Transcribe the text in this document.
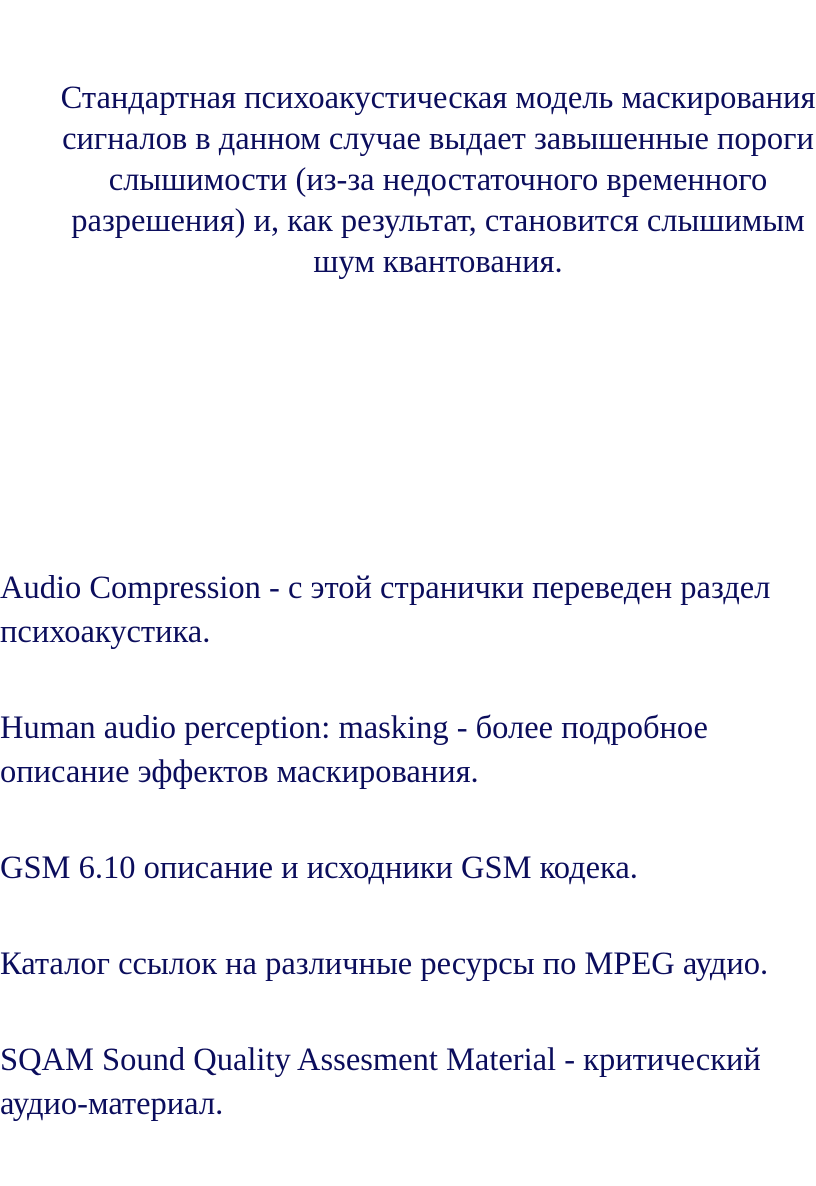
Стандартная психоакустическая модель маскирования сигналов в данном случае выдает завышенные пороги слышимости (из-за недостаточного временного разрешения) и, как результат, становится слышимым шум квантования.

Audio Compression - с этой странички переведен раздел психоакустика.
Human audio perception: masking - более подробное описание эффектов маскирования.
GSM 6.10 описание и исходники GSM кодека.
Каталог ссылок на различные ресурсы по MPEG аудио.
SQAM Sound Quality Assesment Material - критический аудио-материал.
